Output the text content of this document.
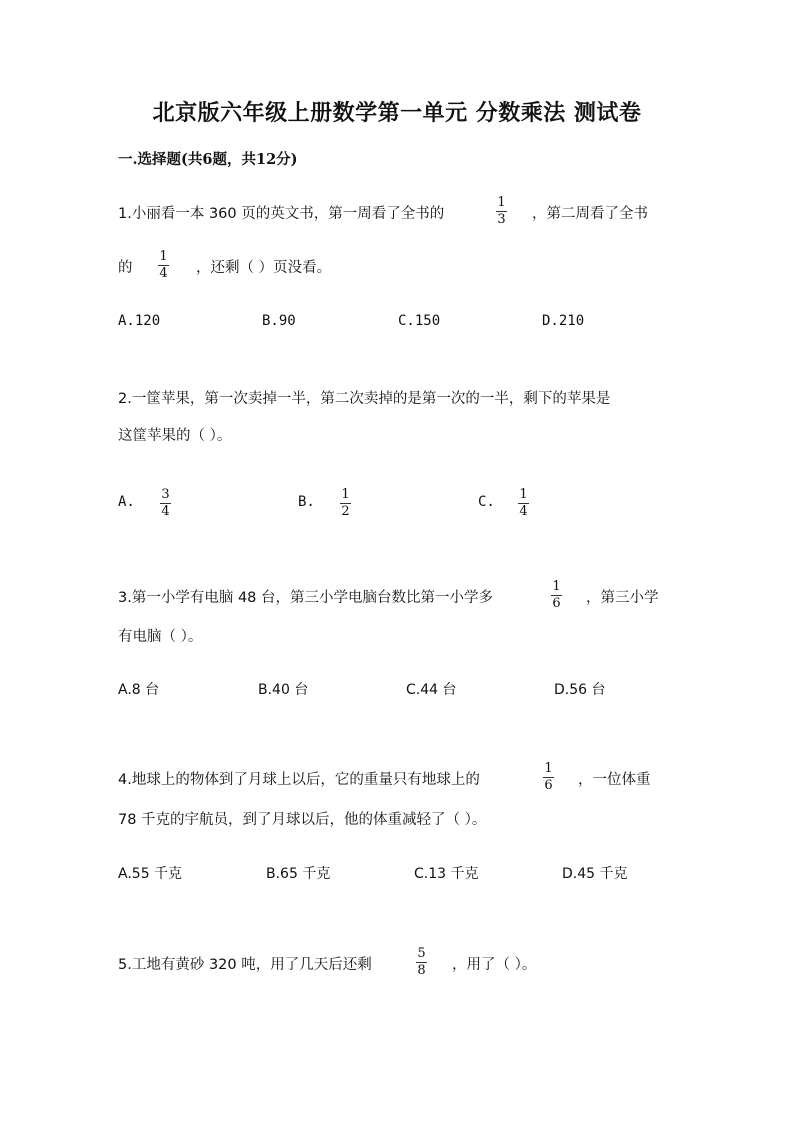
北京版六年级上册数学第一单元 分数乘法 测试卷
一.选择题(共6题，共12分)
1.小丽看一本 360 页的英文书，第一周看了全书的
1
3 ，第二周看了全书
的
1
4 ，还剩（ ）页没看。
A.120	B.90	C.150	D.210
2.一筐苹果，第一次卖掉一半，第二次卖掉的是第一次的一半，剩下的苹果是
这筐苹果的（ ）。
A. 3
4
B. 1
2
C. 1
4
3.第一小学有电脑 48 台，第三小学电脑台数比第一小学多
1
6 ，第三小学
有电脑（ ）。
A.8 台	B.40 台	C.44 台	D.56 台
4.地球上的物体到了月球上以后，它的重量只有地球上的
1
6 ，一位体重
78 千克的宇航员，到了月球以后，他的体重减轻了（ ）。
A.55 千克	B.65 千克	C.13 千克	D.45 千克
5.工地有黄砂 320 吨，用了几天后还剩
5
8 ，用了（ ）。
